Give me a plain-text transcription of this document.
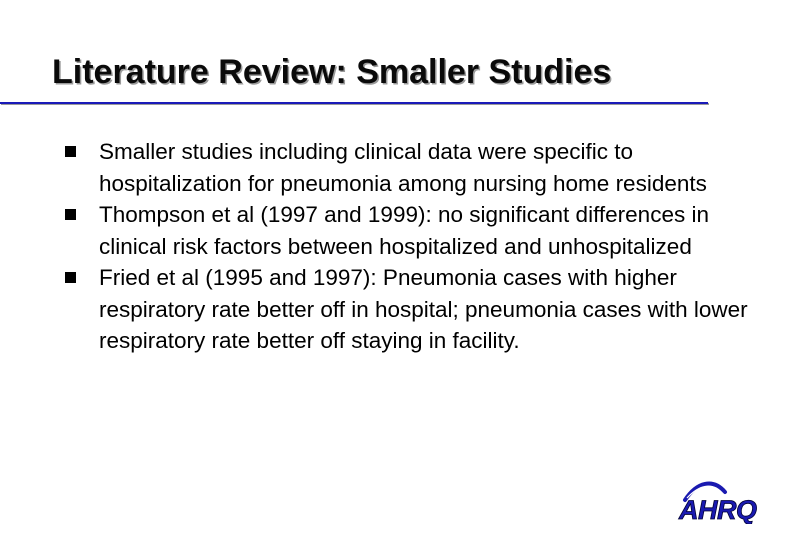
Literature Review: Smaller Studies
Smaller studies including clinical data were specific to hospitalization for pneumonia among nursing home residents
Thompson et al (1997 and 1999): no significant differences in clinical risk factors between hospitalized and unhospitalized
Fried et al (1995 and 1997): Pneumonia cases with higher respiratory rate better off in hospital; pneumonia cases with lower respiratory rate better off staying in facility.
AHRQ
